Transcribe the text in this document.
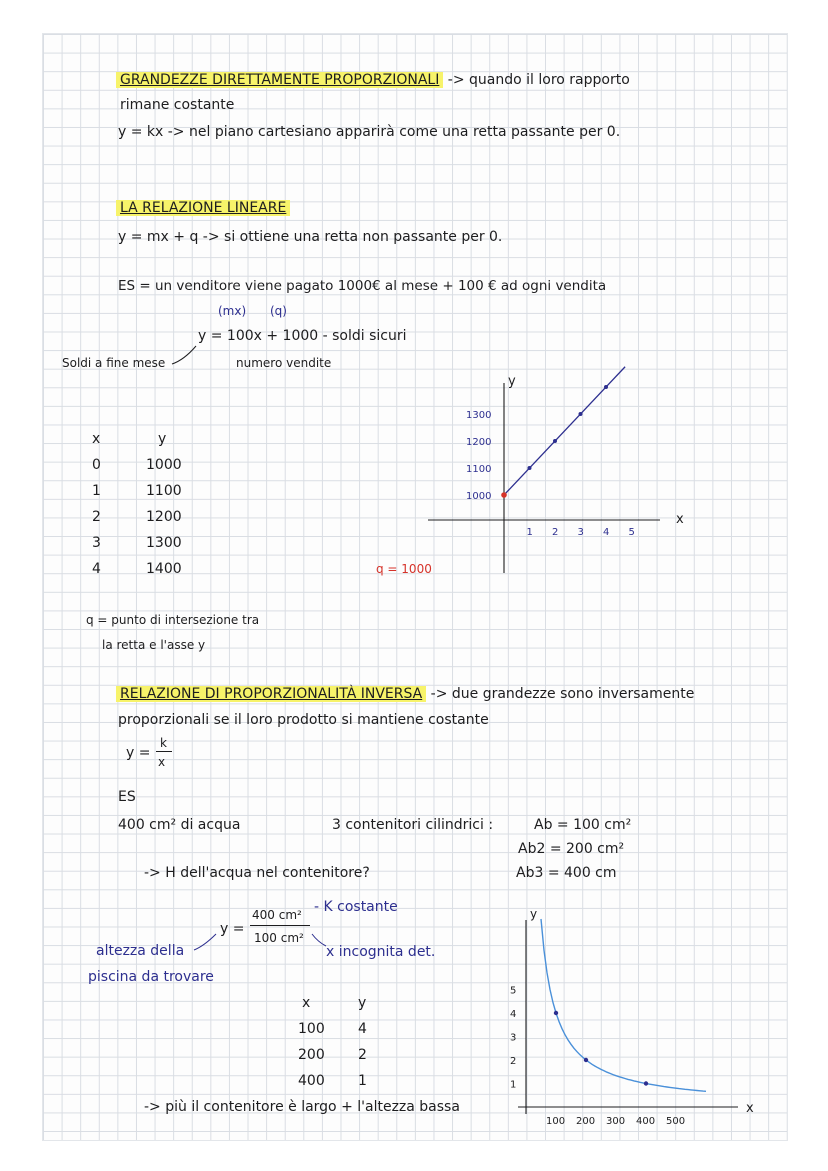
GRANDEZZE DIRETTAMENTE PROPORZIONALI -> quando il loro rapporto
rimane costante
y = kx -> nel piano cartesiano apparirà come una retta passante per 0.
LA RELAZIONE LINEARE
y = mx + q -> si ottiene una retta non passante per 0.
ES = un venditore viene pagato 1000€ al mese + 100 € ad ogni vendita
(mx) (q)
y = 100x + 1000 - soldi sicuri
Soldi a fine mese	numero vendite
x	y
0	1000
1	1100
2	1200
3	1300
4	1400	q = 1000
q = punto di intersezione tra
la retta e l'asse y
x
y
1 2 3 4 5
1000
1100
1200
1300
RELAZIONE DI PROPORZIONALITÀ INVERSA -> due grandezze sono inversamente
proporzionali se il loro prodotto si mantiene costante
y =
k
x
ES
400 cm² di acqua	3 contenitori cilindrici :	Ab = 100 cm²
Ab2 = 200 cm²
Ab3 = 400 cm
-> H dell'acqua nel contenitore?
y =
400 cm²
100 cm²
- K costante
x incognita det.
altezza della
piscina da trovare
x	y
100 4
200 2
400 1
-> più il contenitore è largo + l'altezza bassa	x
y
100 200 300 400 500
1
2
3
4
5
